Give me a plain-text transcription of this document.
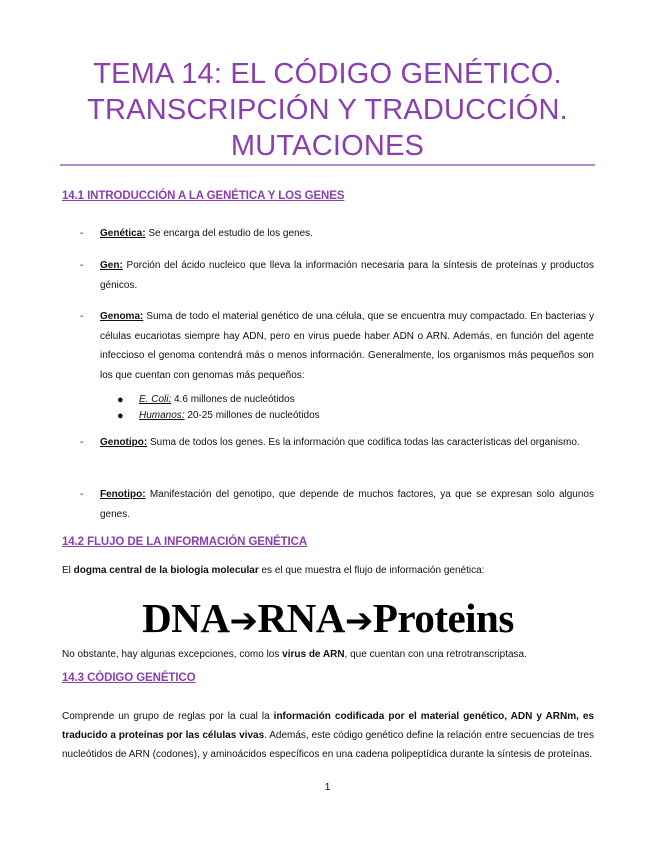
TEMA 14: EL CÓDIGO GENÉTICO.
TRANSCRIPCIÓN Y TRADUCCIÓN.
MUTACIONES
14.1 INTRODUCCIÓN A LA GENÉTICA Y LOS GENES
- Genética: Se encarga del estudio de los genes.
- Gen: Porción del ácido nucleico que lleva la información necesaria para la síntesis de proteínas y productos génicos.
- Genoma: Suma de todo el material genético de una célula, que se encuentra muy compactado. En bacterias y células eucariotas siempre hay ADN, pero en virus puede haber ADN o ARN. Además, en función del agente infeccioso el genoma contendrá más o menos información. Generalmente, los organismos más pequeños son los que cuentan con genomas más pequeños:
● E. Coli: 4.6 millones de nucleótidos
● Humanos: 20-25 millones de nucleótidos
- Genotipo: Suma de todos los genes. Es la información que codifica todas las características del organismo.
- Fenotipo: Manifestación del genotipo, que depende de muchos factores, ya que se expresan solo algunos genes.
14.2 FLUJO DE LA INFORMACIÓN GENÉTICA
El dogma central de la biología molecular es el que muestra el flujo de información genética:
DNA➔RNA➔Proteins
No obstante, hay algunas excepciones, como los virus de ARN, que cuentan con una retrotranscriptasa.
14.3 CÓDIGO GENÉTICO
Comprende un grupo de reglas por la cual la información codificada por el material genético, ADN y ARNm, es traducido a proteínas por las células vivas. Además, este código genético define la relación entre secuencias de tres nucleótidos de ARN (codones), y aminoácidos específicos en una cadena polipeptídica durante la síntesis de proteínas.
1
